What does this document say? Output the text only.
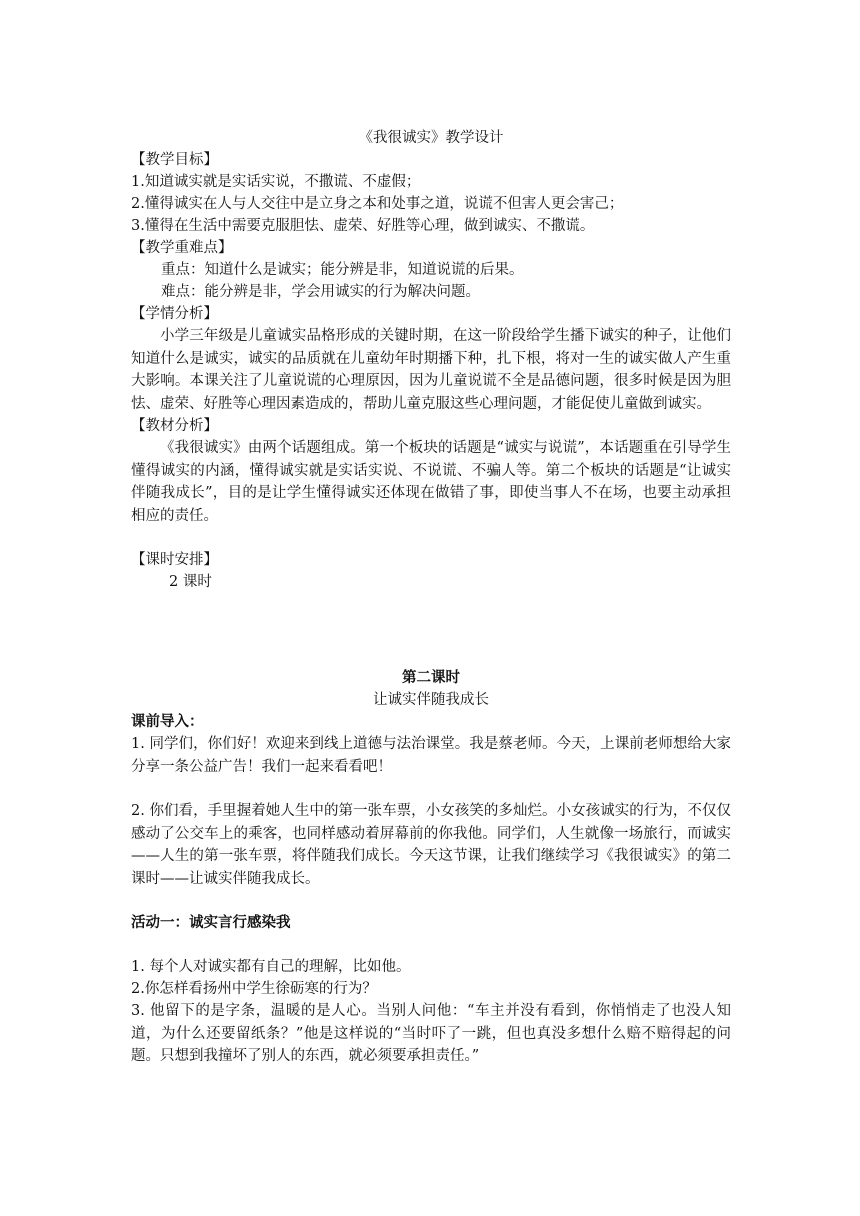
《我很诚实》教学设计
【教学目标】
1.知道诚实就是实话实说，不撒谎、不虚假；
2.懂得诚实在人与人交往中是立身之本和处事之道，说谎不但害人更会害己；
3.懂得在生活中需要克服胆怯、虚荣、好胜等心理，做到诚实、不撒谎。
【教学重难点】
重点：知道什么是诚实；能分辨是非，知道说谎的后果。
难点：能分辨是非，学会用诚实的行为解决问题。
【学情分析】
小学三年级是儿童诚实品格形成的关键时期，在这一阶段给学生播下诚实的种子，让他们知道什么是诚实，诚实的品质就在儿童幼年时期播下种，扎下根，将对一生的诚实做人产生重大影响。本课关注了儿童说谎的心理原因，因为儿童说谎不全是品德问题，很多时候是因为胆怯、虚荣、好胜等心理因素造成的，帮助儿童克服这些心理问题，才能促使儿童做到诚实。
【教材分析】
《我很诚实》由两个话题组成。第一个板块的话题是“诚实与说谎”，本话题重在引导学生懂得诚实的内涵，懂得诚实就是实话实说、不说谎、不骗人等。第二个板块的话题是“让诚实伴随我成长”，目的是让学生懂得诚实还体现在做错了事，即使当事人不在场，也要主动承担相应的责任。
【课时安排】
2 课时
第二课时
让诚实伴随我成长
课前导入：
1. 同学们，你们好！欢迎来到线上道德与法治课堂。我是蔡老师。今天，上课前老师想给大家分享一条公益广告！我们一起来看看吧！
2. 你们看，手里握着她人生中的第一张车票，小女孩笑的多灿烂。小女孩诚实的行为，不仅仅感动了公交车上的乘客，也同样感动着屏幕前的你我他。同学们，人生就像一场旅行，而诚实——人生的第一张车票，将伴随我们成长。今天这节课，让我们继续学习《我很诚实》的第二课时——让诚实伴随我成长。
活动一：诚实言行感染我
1. 每个人对诚实都有自己的理解，比如他。
2.你怎样看扬州中学生徐砺寒的行为？
3. 他留下的是字条，温暖的是人心。当别人问他：“车主并没有看到，你悄悄走了也没人知道，为什么还要留纸条？”他是这样说的“当时吓了一跳，但也真没多想什么赔不赔得起的问题。只想到我撞坏了别人的东西，就必须要承担责任。”
